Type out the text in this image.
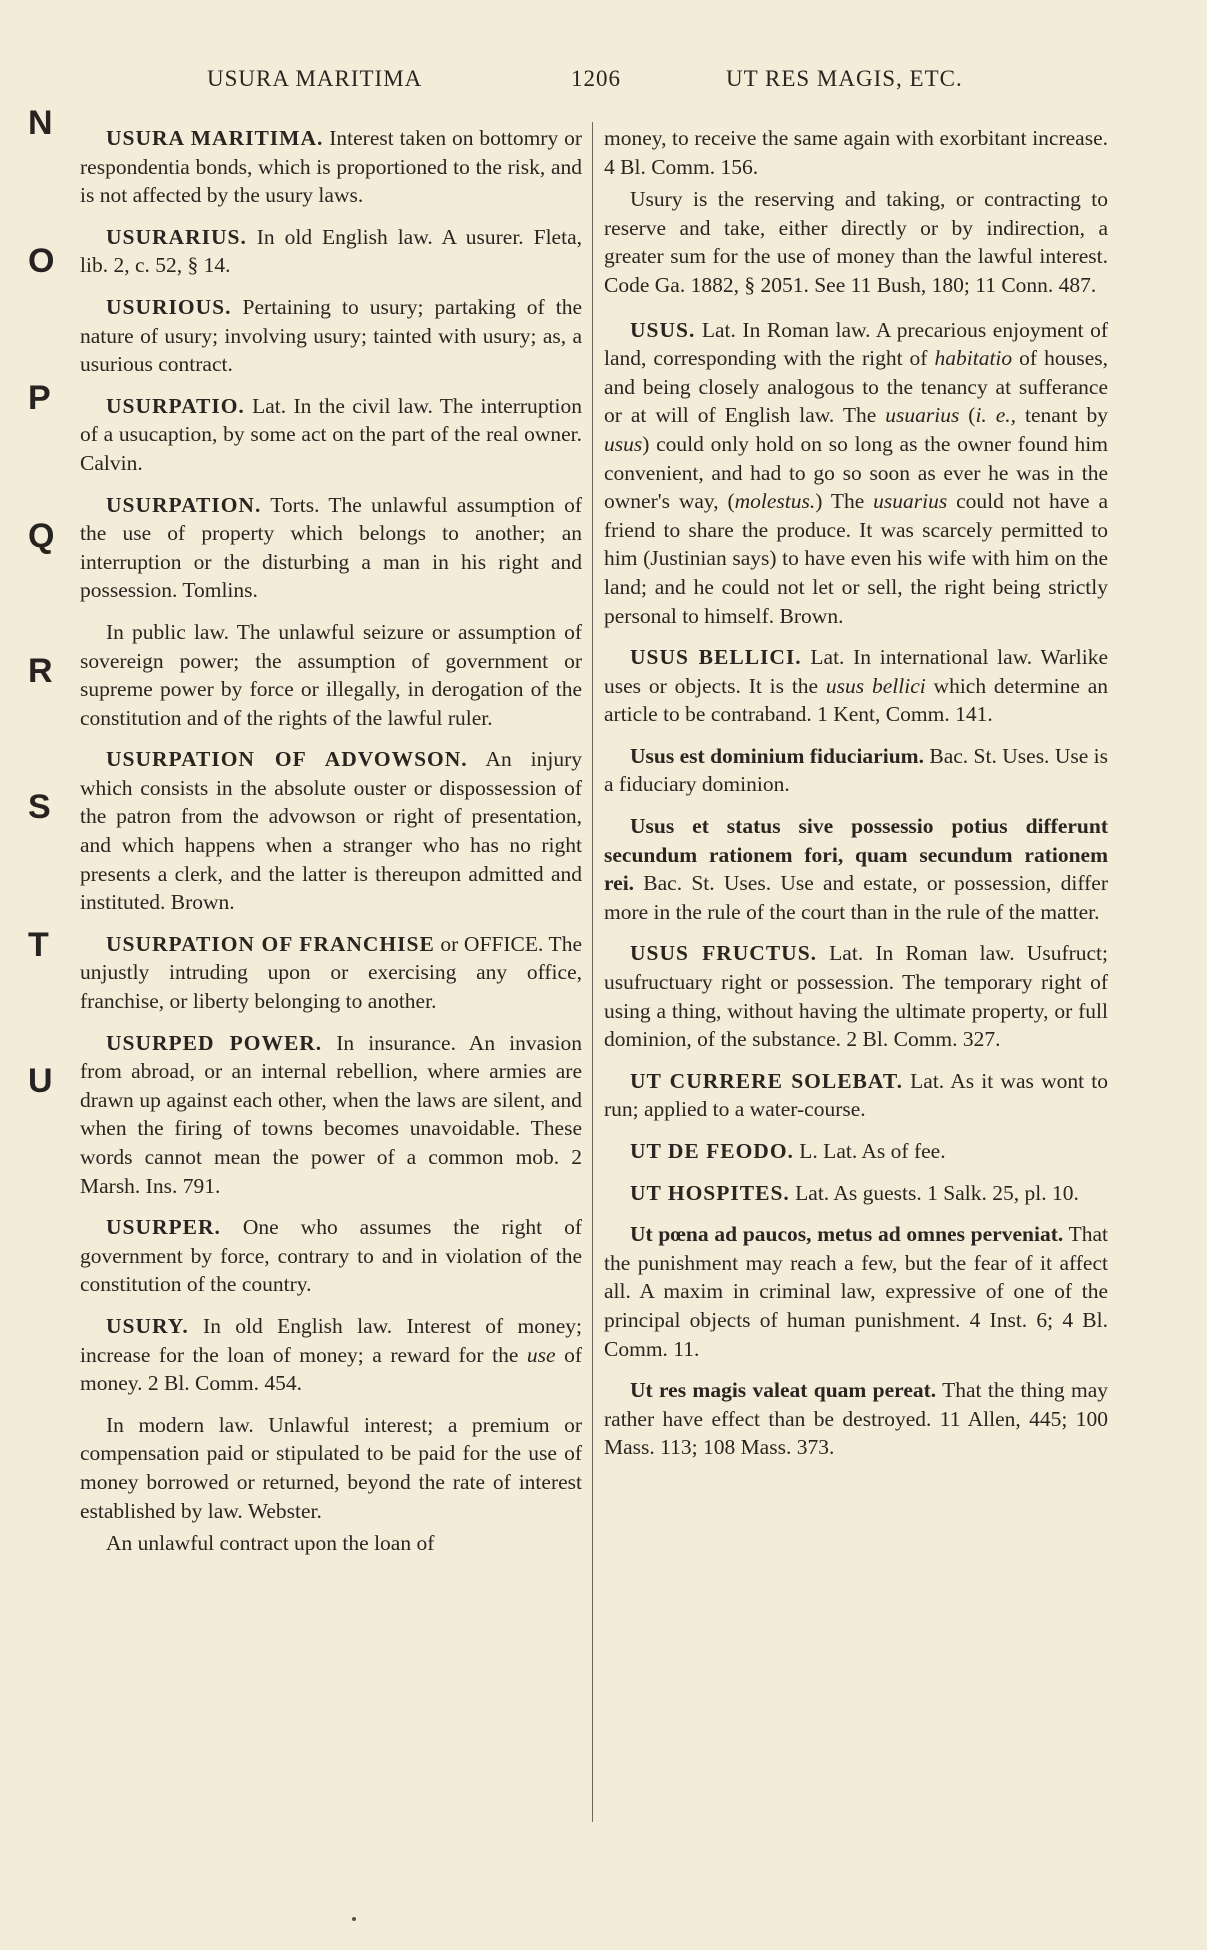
USURA MARITIMA	1206	UT RES MAGIS, ETC.
N
O
P
Q
R
S
T
U

USURA MARITIMA. Interest taken on bottomry or respondentia bonds, which is proportioned to the risk, and is not affected by the usury laws.

USURARIUS. In old English law. A usurer. Fleta, lib. 2, c. 52, § 14.

USURIOUS. Pertaining to usury; partaking of the nature of usury; involving usury; tainted with usury; as, a usurious contract.

USURPATIO. Lat. In the civil law. The interruption of a usucaption, by some act on the part of the real owner. Calvin.

USURPATION. Torts. The unlawful assumption of the use of property which belongs to another; an interruption or the disturbing a man in his right and possession. Tomlins.

In public law. The unlawful seizure or assumption of sovereign power; the assumption of government or supreme power by force or illegally, in derogation of the constitution and of the rights of the lawful ruler.

USURPATION OF ADVOWSON. An injury which consists in the absolute ouster or dispossession of the patron from the advowson or right of presentation, and which happens when a stranger who has no right presents a clerk, and the latter is thereupon admitted and instituted. Brown.

USURPATION OF FRANCHISE or OFFICE. The unjustly intruding upon or exercising any office, franchise, or liberty belonging to another.

USURPED POWER. In insurance. An invasion from abroad, or an internal rebellion, where armies are drawn up against each other, when the laws are silent, and when the firing of towns becomes unavoidable. These words cannot mean the power of a common mob. 2 Marsh. Ins. 791.

USURPER. One who assumes the right of government by force, contrary to and in violation of the constitution of the country.

USURY. In old English law. Interest of money; increase for the loan of money; a reward for the use of money. 2 Bl. Comm. 454.

In modern law. Unlawful interest; a premium or compensation paid or stipulated to be paid for the use of money borrowed or returned, beyond the rate of interest established by law. Webster.

An unlawful contract upon the loan of

money, to receive the same again with exorbitant increase. 4 Bl. Comm. 156.

Usury is the reserving and taking, or contracting to reserve and take, either directly or by indirection, a greater sum for the use of money than the lawful interest. Code Ga. 1882, § 2051. See 11 Bush, 180; 11 Conn. 487.

USUS. Lat. In Roman law. A precarious enjoyment of land, corresponding with the right of habitatio of houses, and being closely analogous to the tenancy at sufferance or at will of English law. The usuarius (i. e., tenant by usus) could only hold on so long as the owner found him convenient, and had to go so soon as ever he was in the owner's way, (molestus.) The usuarius could not have a friend to share the produce. It was scarcely permitted to him (Justinian says) to have even his wife with him on the land; and he could not let or sell, the right being strictly personal to himself. Brown.

USUS BELLICI. Lat. In international law. Warlike uses or objects. It is the usus bellici which determine an article to be contraband. 1 Kent, Comm. 141.

Usus est dominium fiduciarium. Bac. St. Uses. Use is a fiduciary dominion.

Usus et status sive possessio potius differunt secundum rationem fori, quam secundum rationem rei. Bac. St. Uses. Use and estate, or possession, differ more in the rule of the court than in the rule of the matter.

USUS FRUCTUS. Lat. In Roman law. Usufruct; usufructuary right or possession. The temporary right of using a thing, without having the ultimate property, or full dominion, of the substance. 2 Bl. Comm. 327.

UT CURRERE SOLEBAT. Lat. As it was wont to run; applied to a water-course.

UT DE FEODO. L. Lat. As of fee.

UT HOSPITES. Lat. As guests. 1 Salk. 25, pl. 10.

Ut pœna ad paucos, metus ad omnes perveniat. That the punishment may reach a few, but the fear of it affect all. A maxim in criminal law, expressive of one of the principal objects of human punishment. 4 Inst. 6; 4 Bl. Comm. 11.

Ut res magis valeat quam pereat. That the thing may rather have effect than be destroyed. 11 Allen, 445; 100 Mass. 113; 108 Mass. 373.
